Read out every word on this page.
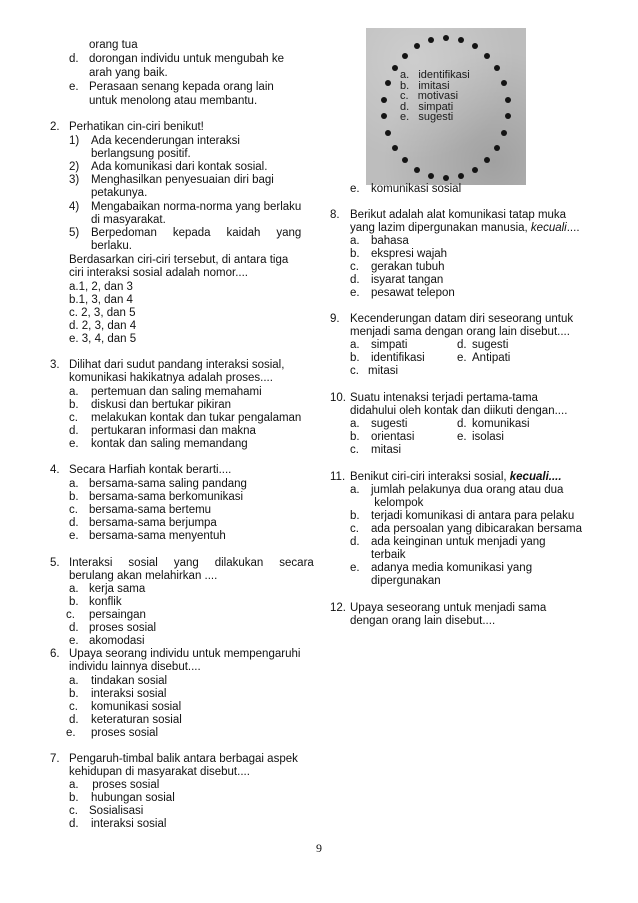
orang tua
d. dorongan individu untuk mengubah ke
arah yang baik.
e. Perasaan senang kepada orang lain
untuk menolong atau membantu.
2. Perhatikan cin-ciri benikut!
1) Ada kecenderungan interaksi
berlangsung positif.
2) Ada komunikasi dari kontak sosial.
3) Menghasilkan penyesuaian diri bagi
petakunya.
4) Mengabaikan norma-norma yang berlaku
di masyarakat.
5) Berpedoman     kepada     kaidah     yang
berlaku.
Berdasarkan ciri-ciri tersebut, di antara tiga
ciri interaksi sosial adalah nomor....
a.1, 2, dan 3
b.1, 3, dan 4
c. 2, 3, dan 5
d. 2, 3, dan 4
e. 3, 4, dan 5
3. Dilihat dari sudut pandang interaksi sosial,
komunikasi hakikatnya adalah proses....
a. pertemuan dan saling memahami
b. diskusi dan bertukar pikiran
c. melakukan kontak dan tukar pengalaman
d. pertukaran informasi dan makna
e. kontak dan saling memandang
4. Secara Harfiah kontak berarti....
a. bersama-sama saling pandang
b. bersama-sama berkomunikasi
c. bersama-sama bertemu
d. bersama-sama berjumpa
e. bersama-sama menyentuh
5. Interaksi     sosial     yang     dilakukan     secara
berulang akan melahirkan ....
a. kerja sama
b. konflik
c. persaingan
d. proses sosial
e. akomodasi
6. Upaya seorang individu untuk mempengaruhi
individu lainnya disebut....
a. tindakan sosial
b. interaksi sosial
c. komunikasi sosial
d. keteraturan sosial
e. proses sosial
7. Pengaruh-timbal balik antara berbagai aspek
kehidupan di masyarakat disebut....
a. proses sosial
b. hubungan sosial
c. Sosialisasi
d. interaksi sosial
a.   identifikasi
b.   imitasi
c.   motivasi
d.   simpati
e.   sugesti
e. komunikasi sosial
8. Berikut adalah alat komunikasi tatap muka
yang lazim dipergunakan manusia, kecuali....
a. bahasa
b. ekspresi wajah
c. gerakan tubuh
d. isyarat tangan
e. pesawat telepon
9. Kecenderungan datam diri seseorang untuk
menjadi sama dengan orang lain disebut....
a. simpati	d. sugesti
b. identifikasi	e. Antipati
c. mitasi
10. Suatu intenaksi terjadi pertama-tama
didahului oleh kontak dan diikuti dengan....
a. sugesti	d. komunikasi
b. orientasi	e. isolasi
c. mitasi
11. Benikut ciri-ciri interaksi sosial, kecuali....
a. jumlah pelakunya dua orang atau dua
kelompok
b. terjadi komunikasi di antara para pelaku
c. ada persoalan yang dibicarakan bersama
d. ada keinginan untuk menjadi yang
terbaik
e. adanya media komunikasi yang
dipergunakan
12. Upaya seseorang untuk menjadi sama
dengan orang lain disebut....
9
